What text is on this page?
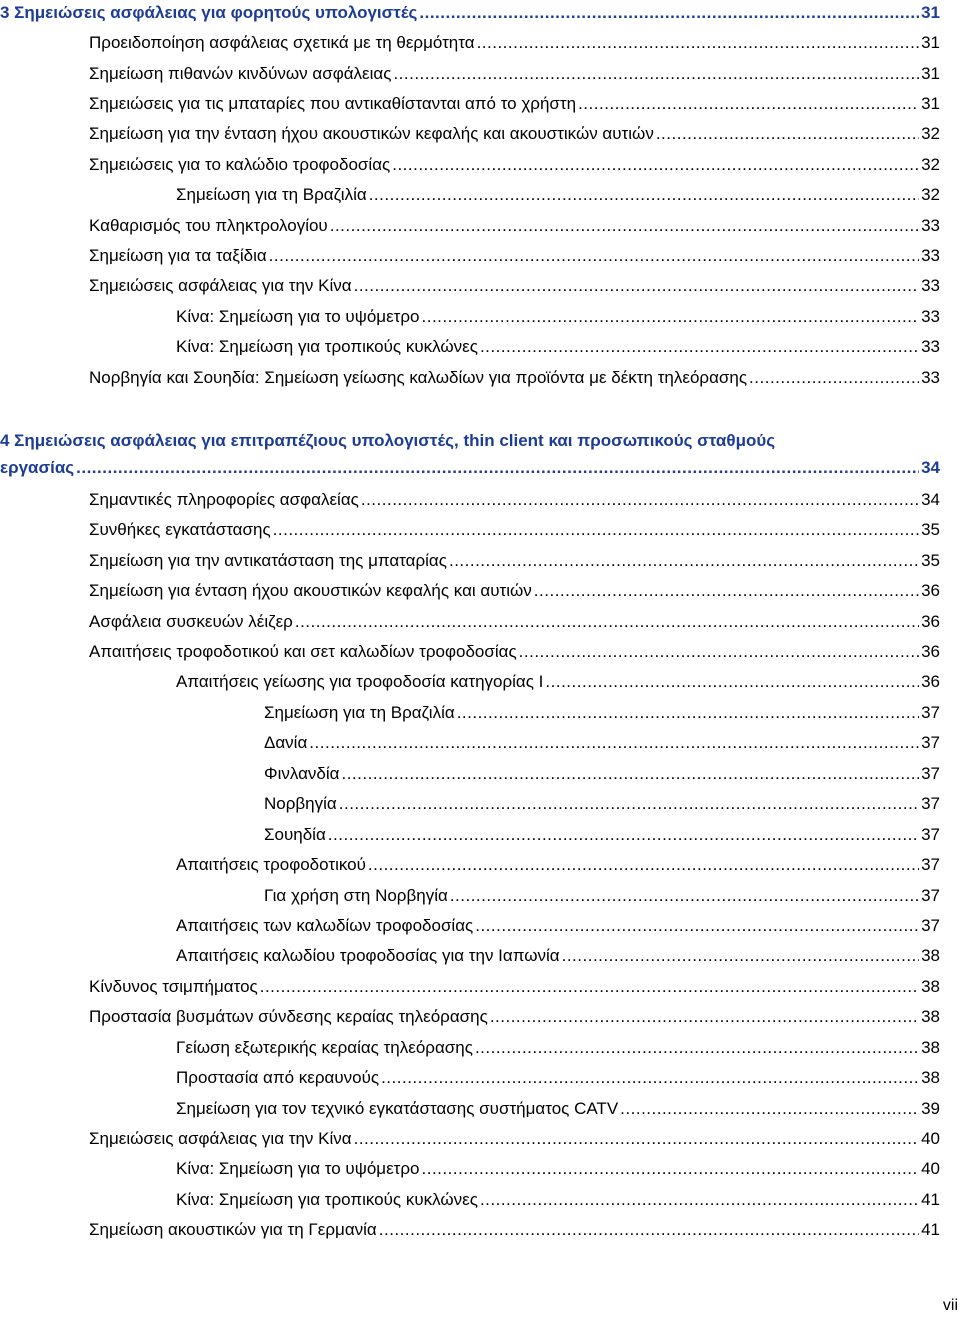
3 Σημειώσεις ασφάλειας για φορητούς υπολογιστές .....	31
Προειδοποίηση ασφάλειας σχετικά με τη θερμότητα .....	31
Σημείωση πιθανών κινδύνων ασφάλειας .....	31
Σημειώσεις για τις μπαταρίες που αντικαθίστανται από το χρήστη .....	31
Σημείωση για την ένταση ήχου ακουστικών κεφαλής και ακουστικών αυτιών .....	32
Σημειώσεις για το καλώδιο τροφοδοσίας .....	32
Σημείωση για τη Βραζιλία .....	32
Καθαρισμός του πληκτρολογίου .....	33
Σημείωση για τα ταξίδια .....	33
Σημειώσεις ασφάλειας για την Κίνα .....	33
Κίνα: Σημείωση για το υψόμετρο .....	33
Κίνα: Σημείωση για τροπικούς κυκλώνες .....	33
Νορβηγία και Σουηδία: Σημείωση γείωσης καλωδίων για προϊόντα με δέκτη τηλεόρασης .....	33
4 Σημειώσεις ασφάλειας για επιτραπέζιους υπολογιστές, thin client και προσωπικούς σταθμούς
εργασίας .....	34
Σημαντικές πληροφορίες ασφαλείας .....	34
Συνθήκες εγκατάστασης .....	35
Σημείωση για την αντικατάσταση της μπαταρίας .....	35
Σημείωση για ένταση ήχου ακουστικών κεφαλής και αυτιών .....	36
Ασφάλεια συσκευών λέιζερ .....	36
Απαιτήσεις τροφοδοτικού και σετ καλωδίων τροφοδοσίας .....	36
Απαιτήσεις γείωσης για τροφοδοσία κατηγορίας I .....	36
Σημείωση για τη Βραζιλία .....	37
Δανία .....	37
Φινλανδία .....	37
Νορβηγία .....	37
Σουηδία .....	37
Απαιτήσεις τροφοδοτικού .....	37
Για χρήση στη Νορβηγία .....	37
Απαιτήσεις των καλωδίων τροφοδοσίας .....	37
Απαιτήσεις καλωδίου τροφοδοσίας για την Ιαπωνία .....	38
Κίνδυνος τσιμπήματος .....	38
Προστασία βυσμάτων σύνδεσης κεραίας τηλεόρασης .....	38
Γείωση εξωτερικής κεραίας τηλεόρασης .....	38
Προστασία από κεραυνούς .....	38
Σημείωση για τον τεχνικό εγκατάστασης συστήματος CATV .....	39
Σημειώσεις ασφάλειας για την Κίνα .....	40
Κίνα: Σημείωση για το υψόμετρο .....	40
Κίνα: Σημείωση για τροπικούς κυκλώνες .....	41
Σημείωση ακουστικών για τη Γερμανία .....	41
vii
